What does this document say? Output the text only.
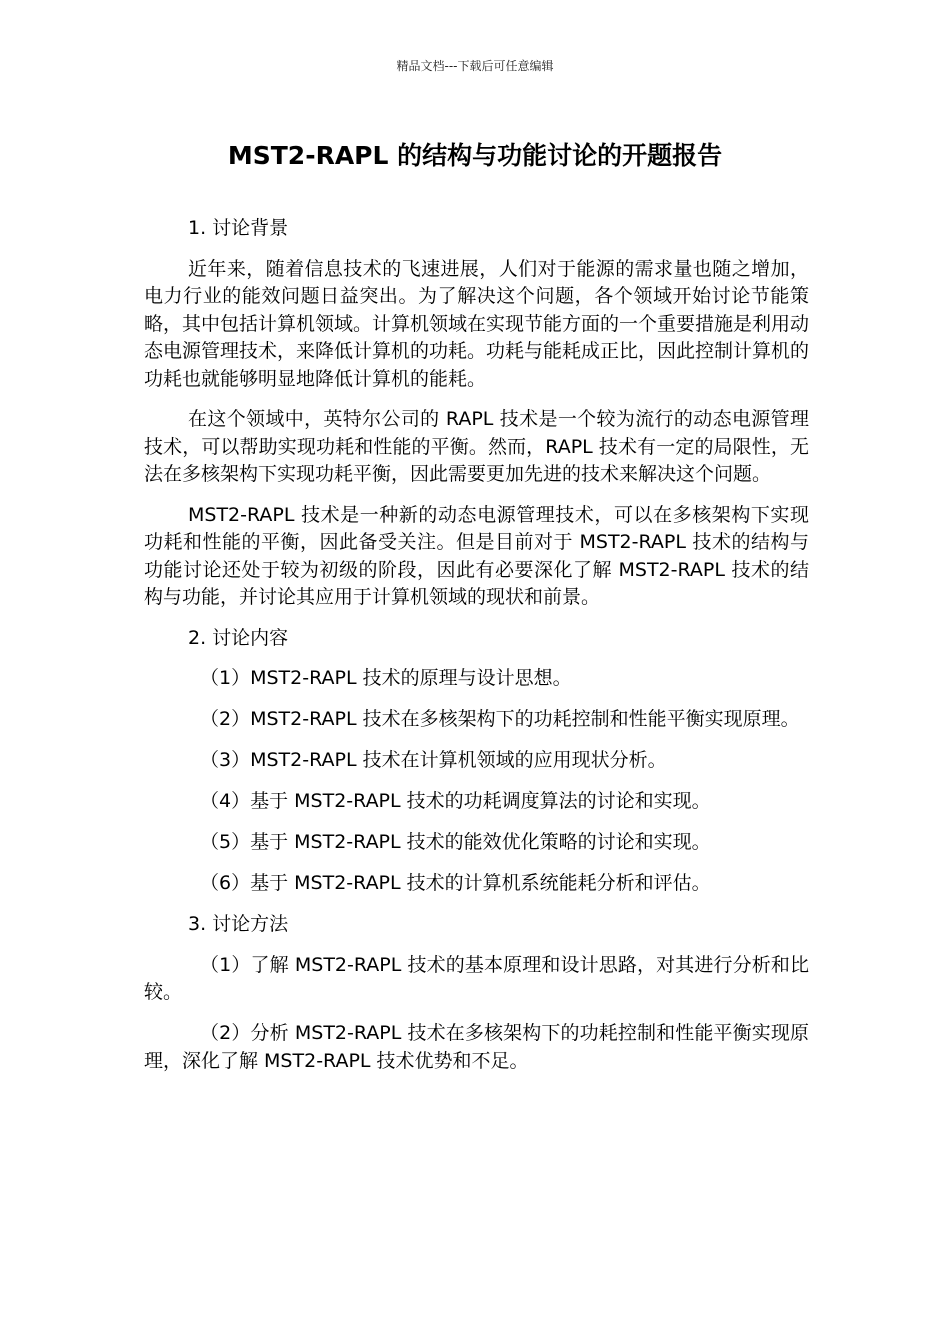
精品文档---下载后可任意编辑
MST2-RAPL 的结构与功能讨论的开题报告

1. 讨论背景

近年来，随着信息技术的飞速进展，人们对于能源的需求量也随之增加，电力行业的能效问题日益突出。为了解决这个问题，各个领域开始讨论节能策略，其中包括计算机领域。计算机领域在实现节能方面的一个重要措施是利用动态电源管理技术，来降低计算机的功耗。功耗与能耗成正比，因此控制计算机的功耗也就能够明显地降低计算机的能耗。

在这个领域中，英特尔公司的 RAPL 技术是一个较为流行的动态电源管理技术，可以帮助实现功耗和性能的平衡。然而，RAPL 技术有一定的局限性，无法在多核架构下实现功耗平衡，因此需要更加先进的技术来解决这个问题。

MST2-RAPL 技术是一种新的动态电源管理技术，可以在多核架构下实现功耗和性能的平衡，因此备受关注。但是目前对于 MST2-RAPL 技术的结构与功能讨论还处于较为初级的阶段，因此有必要深化了解 MST2-RAPL 技术的结构与功能，并讨论其应用于计算机领域的现状和前景。

2. 讨论内容

（1）MST2-RAPL 技术的原理与设计思想。

（2）MST2-RAPL 技术在多核架构下的功耗控制和性能平衡实现原理。

（3）MST2-RAPL 技术在计算机领域的应用现状分析。

（4）基于 MST2-RAPL 技术的功耗调度算法的讨论和实现。

（5）基于 MST2-RAPL 技术的能效优化策略的讨论和实现。

（6）基于 MST2-RAPL 技术的计算机系统能耗分析和评估。

3. 讨论方法

（1）了解 MST2-RAPL 技术的基本原理和设计思路，对其进行分析和比较。

（2）分析 MST2-RAPL 技术在多核架构下的功耗控制和性能平衡实现原理，深化了解 MST2-RAPL 技术优势和不足。
